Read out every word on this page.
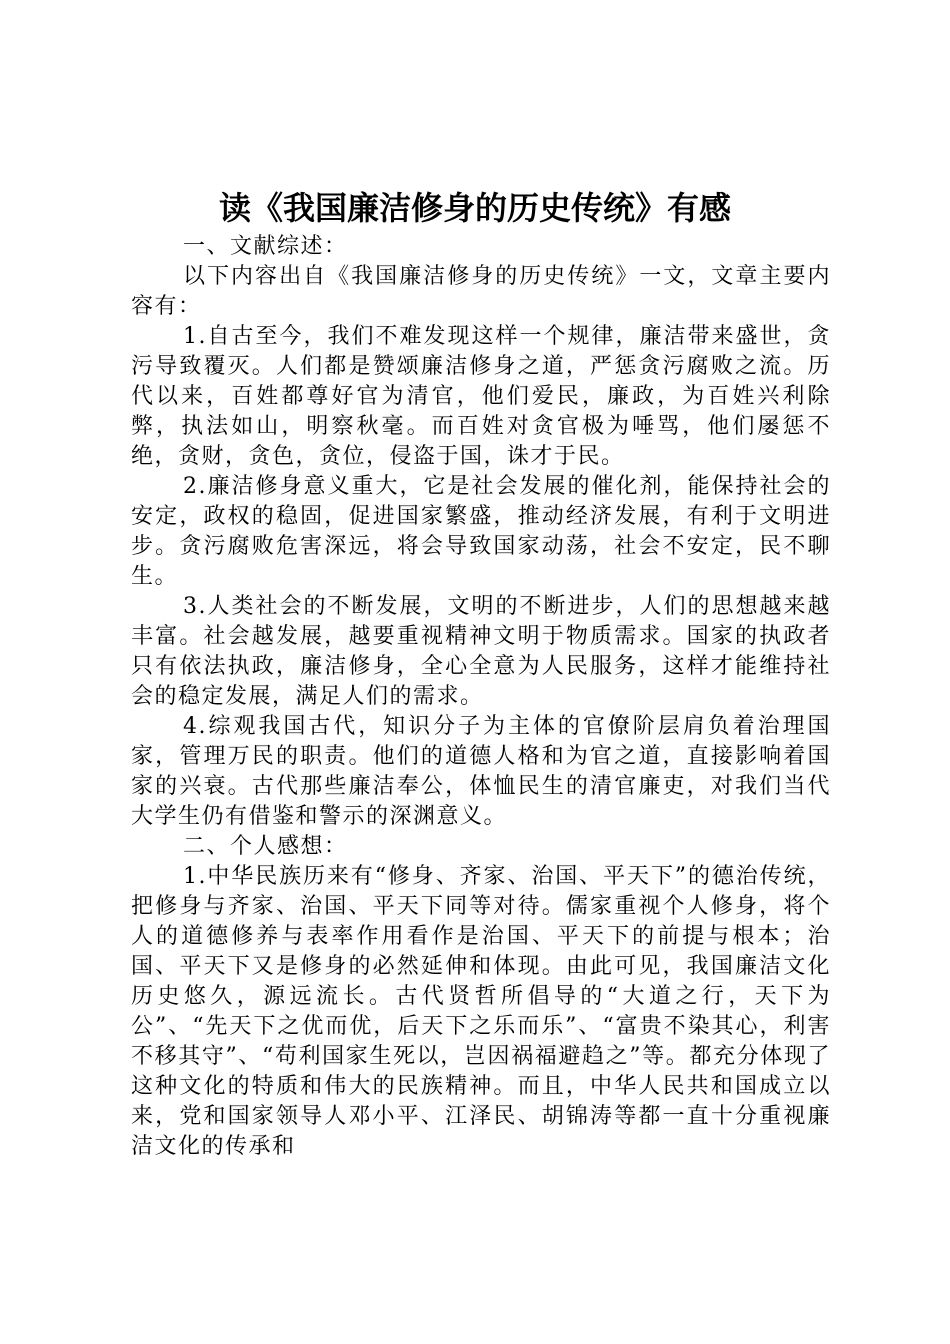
读《我国廉洁修身的历史传统》有感

一、文献综述：

以下内容出自《我国廉洁修身的历史传统》一文，文章主要内容有：

1.自古至今，我们不难发现这样一个规律，廉洁带来盛世，贪污导致覆灭。人们都是赞颂廉洁修身之道，严惩贪污腐败之流。历代以来，百姓都尊好官为清官，他们爱民，廉政，为百姓兴利除弊，执法如山，明察秋毫。而百姓对贪官极为唾骂，他们屡惩不绝，贪财，贪色，贪位，侵盗于国，诛才于民。

2.廉洁修身意义重大，它是社会发展的催化剂，能保持社会的安定，政权的稳固，促进国家繁盛，推动经济发展，有利于文明进步。贪污腐败危害深远，将会导致国家动荡，社会不安定，民不聊生。

3.人类社会的不断发展，文明的不断进步，人们的思想越来越丰富。社会越发展，越要重视精神文明于物质需求。国家的执政者只有依法执政，廉洁修身，全心全意为人民服务，这样才能维持社会的稳定发展，满足人们的需求。

4.综观我国古代，知识分子为主体的官僚阶层肩负着治理国家，管理万民的职责。他们的道德人格和为官之道，直接影响着国家的兴衰。古代那些廉洁奉公，体恤民生的清官廉吏，对我们当代大学生仍有借鉴和警示的深渊意义。

二、个人感想：

1.中华民族历来有“修身、齐家、治国、平天下”的德治传统，把修身与齐家、治国、平天下同等对待。儒家重视个人修身，将个人的道德修养与表率作用看作是治国、平天下的前提与根本；治国、平天下又是修身的必然延伸和体现。由此可见，我国廉洁文化历史悠久，源远流长。古代贤哲所倡导的“大道之行，天下为公”、“先天下之优而优，后天下之乐而乐”、“富贵不染其心，利害不移其守”、“苟利国家生死以，岂因祸福避趋之”等。都充分体现了这种文化的特质和伟大的民族精神。而且，中华人民共和国成立以来，党和国家领导人邓小平、江泽民、胡锦涛等都一直十分重视廉洁文化的传承和
